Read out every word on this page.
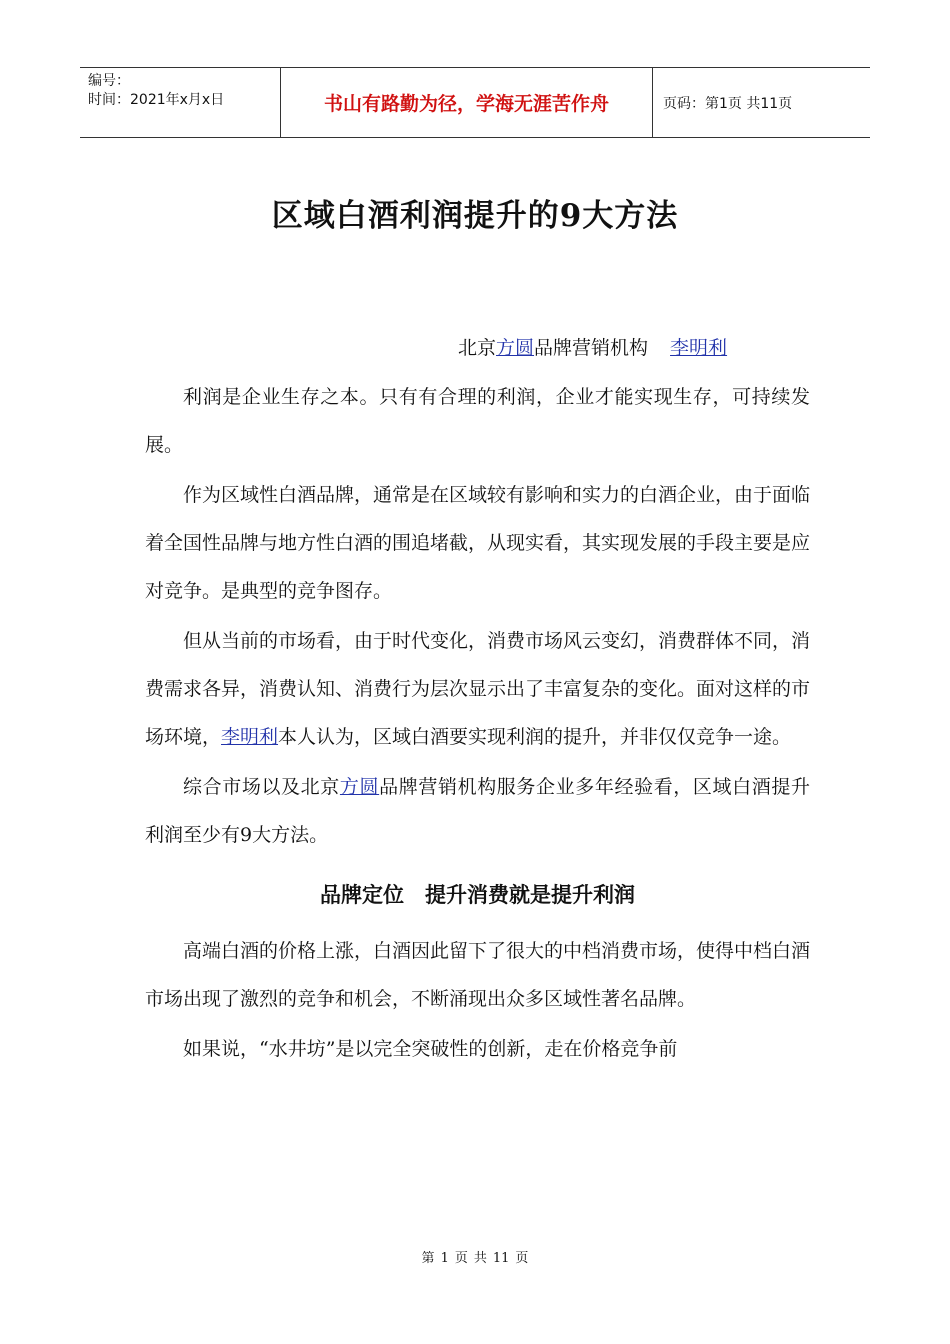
编号：
时间：2021年x月x日	书山有路勤为径，学海无涯苦作舟	页码：第1页 共11页
区域白酒利润提升的9大方法
北京方圆品牌营销机构 李明利

利润是企业生存之本。只有有合理的利润，企业才能实现生存，可持续发展。

作为区域性白酒品牌，通常是在区域较有影响和实力的白酒企业，由于面临着全国性品牌与地方性白酒的围追堵截，从现实看，其实现发展的手段主要是应对竞争。是典型的竞争图存。

但从当前的市场看，由于时代变化，消费市场风云变幻，消费群体不同，消费需求各异，消费认知、消费行为层次显示出了丰富复杂的变化。面对这样的市场环境，李明利本人认为，区域白酒要实现利润的提升，并非仅仅竞争一途。

综合市场以及北京方圆品牌营销机构服务企业多年经验看，区域白酒提升利润至少有9大方法。

品牌定位　提升消费就是提升利润

高端白酒的价格上涨，白酒因此留下了很大的中档消费市场，使得中档白酒市场出现了激烈的竞争和机会，不断涌现出众多区域性著名品牌。

如果说，“水井坊”是以完全突破性的创新，走在价格竞争前

第 1 页 共 11 页
